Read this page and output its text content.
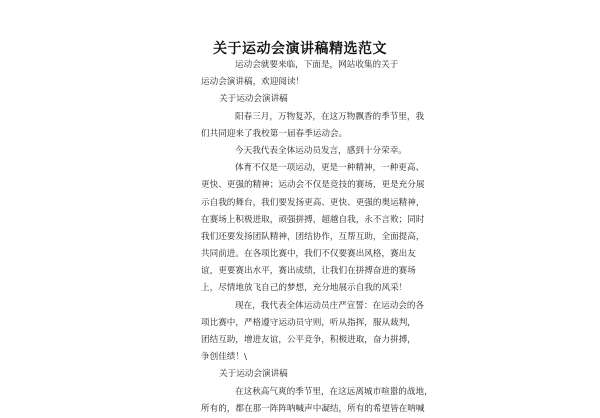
关于运动会演讲稿精选范文
运动会就要来临，下面是，网站收集的关于
运动会演讲稿，欢迎阅读！
关于运动会演讲稿
阳春三月，万物复苏，在这万物飘香的季节里，我
们共同迎来了我校第一届春季运动会。
今天我代表全体运动员发言，感到十分荣幸。
体育不仅是一项运动，更是一种精神，一种更高、
更快、更强的精神；运动会不仅是竞技的赛场，更是充分展
示自我的舞台，我们要发扬更高、更快、更强的奥运精神，
在赛场上积极进取，顽强拼搏，超越自我，永不言败；同时
我们还要发扬团队精神，团结协作，互帮互助，全面提高，
共同前进。在各项比赛中，我们不仅要赛出风格，赛出友
谊，更要赛出水平，赛出成绩，让我们在拼搏奋进的赛场
上，尽情地放飞自己的梦想，充分地展示自我的风采！
现在，我代表全体运动员庄严宣誓：在运动会的各
项比赛中，严格遵守运动员守则，听从指挥，服从裁判，
团结互助，增进友谊，公平竞争，积极进取，奋力拼搏，
争创佳绩！\
关于运动会演讲稿
在这秋高气爽的季节里，在这远离城市喧嚣的战地，
所有的，都在那一阵阵呐喊声中凝结，所有的希望皆在呐喊
